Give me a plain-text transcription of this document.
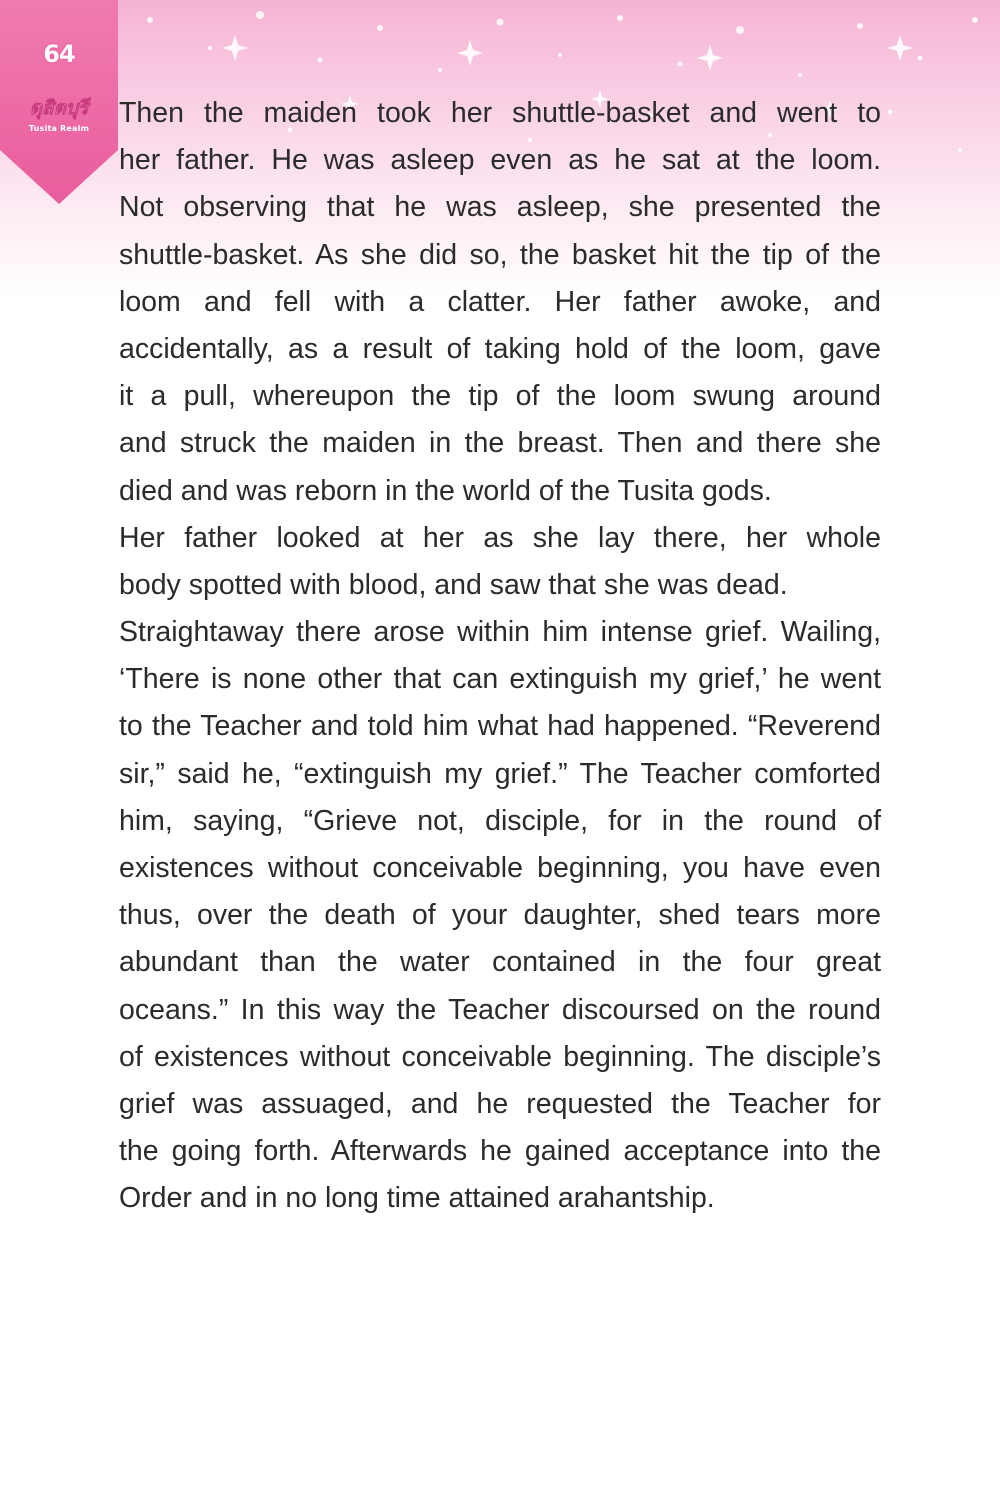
64
ดุสิตบุรี
Tusita Realm	Then the maiden took her shuttle-basket and went to
her father. He was asleep even as he sat at the loom.
Not observing that he was asleep, she presented the
shuttle-basket. As she did so, the basket hit the tip of the
loom and fell with a clatter. Her father awoke, and
accidentally, as a result of taking hold of the loom, gave
it a pull, whereupon the tip of the loom swung around
and struck the maiden in the breast. Then and there she
died and was reborn in the world of the Tusita gods.
Her father looked at her as she lay there, her whole
body spotted with blood, and saw that she was dead.
Straightaway there arose within him intense grief. Wailing,
‘There is none other that can extinguish my grief,’ he went
to the Teacher and told him what had happened. “Reverend
sir,” said he, “extinguish my grief.” The Teacher comforted
him, saying, “Grieve not, disciple, for in the round of
existences without conceivable beginning, you have even
thus, over the death of your daughter, shed tears more
abundant than the water contained in the four great
oceans.” In this way the Teacher discoursed on the round
of existences without conceivable beginning. The disciple’s
grief was assuaged, and he requested the Teacher for
the going forth. Afterwards he gained acceptance into the
Order and in no long time attained arahantship.
